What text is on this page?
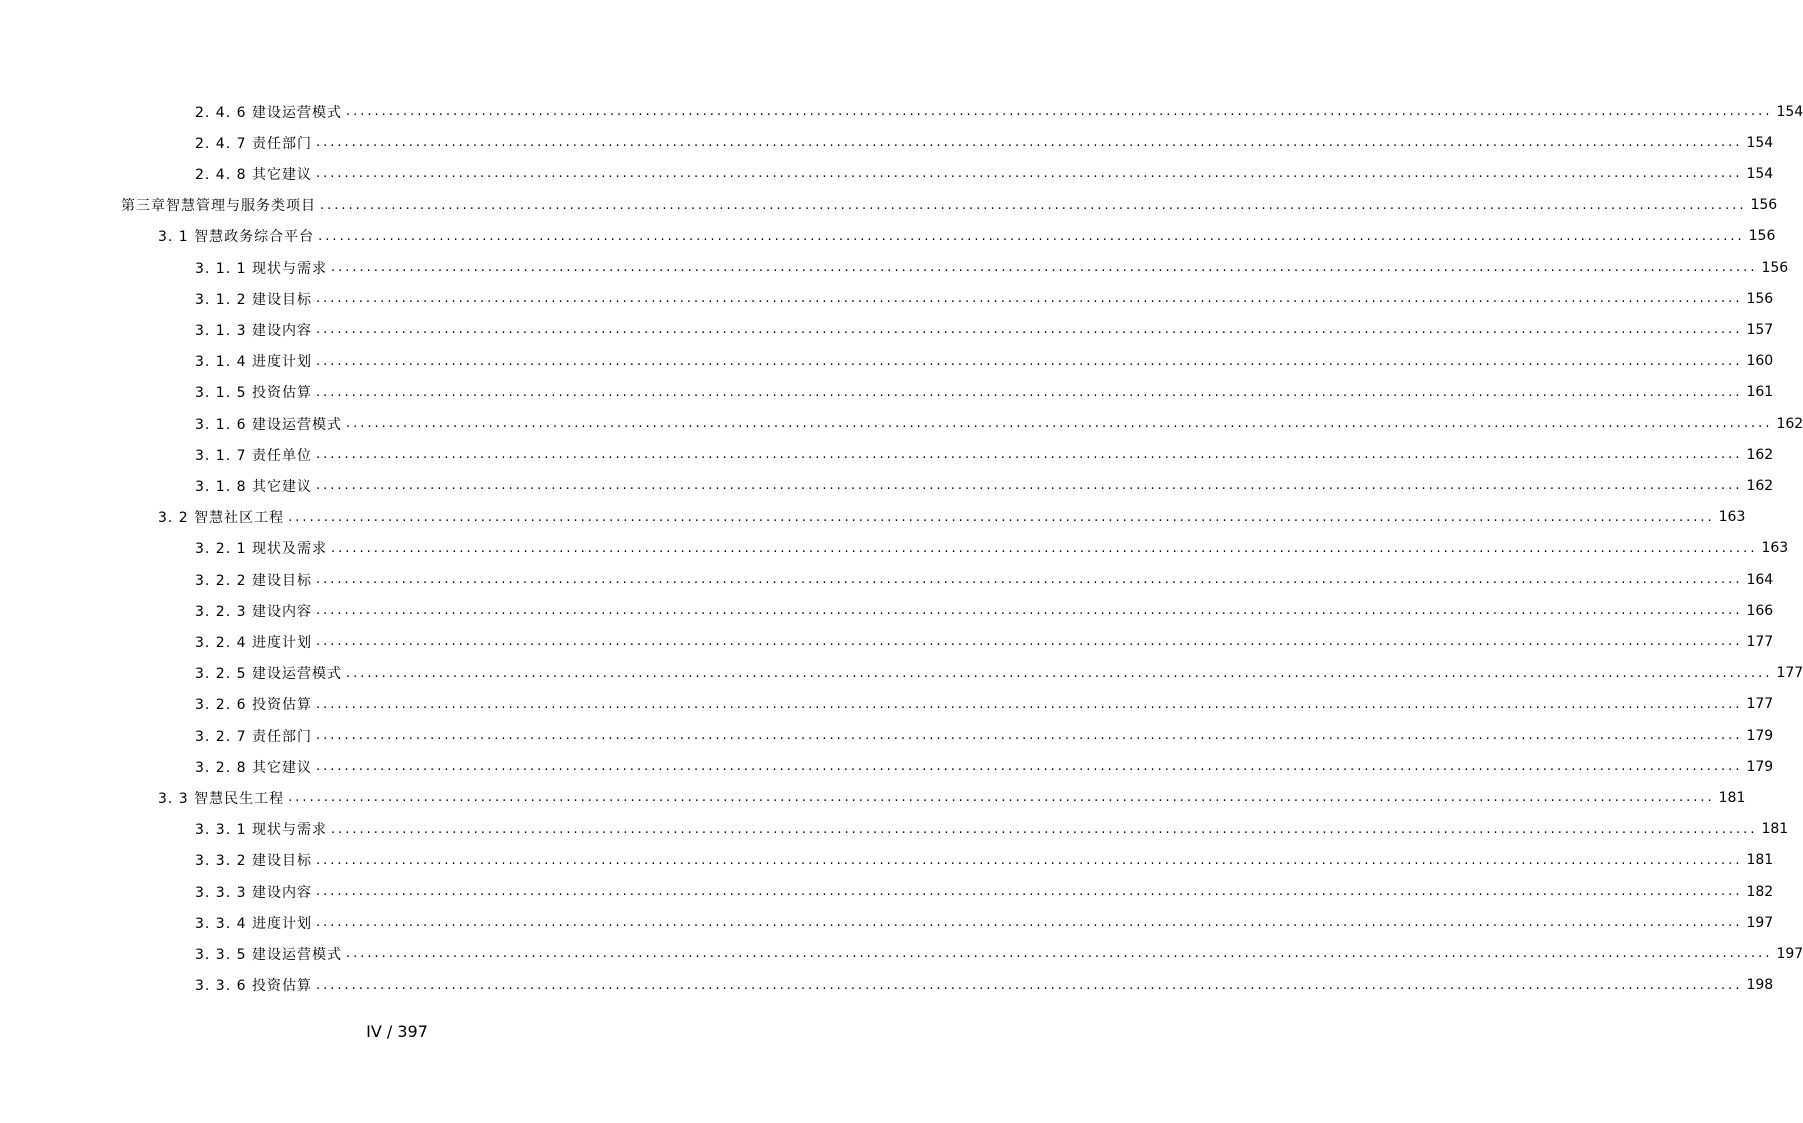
2. 4. 6 建设运营模式 ........................................................................................................................................................................................................ 154
2. 4. 7 责任部门 ........................................................................................................................................................................................................ 154
2. 4. 8 其它建议 ........................................................................................................................................................................................................ 154
第三章智慧管理与服务类项目 ........................................................................................................................................................................................................ 156
3. 1 智慧政务综合平台 ........................................................................................................................................................................................................ 156
3. 1. 1 现状与需求 ........................................................................................................................................................................................................ 156
3. 1. 2 建设目标 ........................................................................................................................................................................................................ 156
3. 1. 3 建设内容 ........................................................................................................................................................................................................ 157
3. 1. 4 进度计划 ........................................................................................................................................................................................................ 160
3. 1. 5 投资估算 ........................................................................................................................................................................................................ 161
3. 1. 6 建设运营模式 ........................................................................................................................................................................................................ 162
3. 1. 7 责任单位 ........................................................................................................................................................................................................ 162
3. 1. 8 其它建议 ........................................................................................................................................................................................................ 162
3. 2 智慧社区工程 ........................................................................................................................................................................................................ 163
3. 2. 1 现状及需求 ........................................................................................................................................................................................................ 163
3. 2. 2 建设目标 ........................................................................................................................................................................................................ 164
3. 2. 3 建设内容 ........................................................................................................................................................................................................ 166
3. 2. 4 进度计划 ........................................................................................................................................................................................................ 177
3. 2. 5 建设运营模式 ........................................................................................................................................................................................................ 177
3. 2. 6 投资估算 ........................................................................................................................................................................................................ 177
3. 2. 7 责任部门 ........................................................................................................................................................................................................ 179
3. 2. 8 其它建议 ........................................................................................................................................................................................................ 179
3. 3 智慧民生工程 ........................................................................................................................................................................................................ 181
3. 3. 1 现状与需求 ........................................................................................................................................................................................................ 181
3. 3. 2 建设目标 ........................................................................................................................................................................................................ 181
3. 3. 3 建设内容 ........................................................................................................................................................................................................ 182
3. 3. 4 进度计划 ........................................................................................................................................................................................................ 197
3. 3. 5 建设运营模式 ........................................................................................................................................................................................................ 197
3. 3. 6 投资估算 ........................................................................................................................................................................................................ 198
IV / 397
